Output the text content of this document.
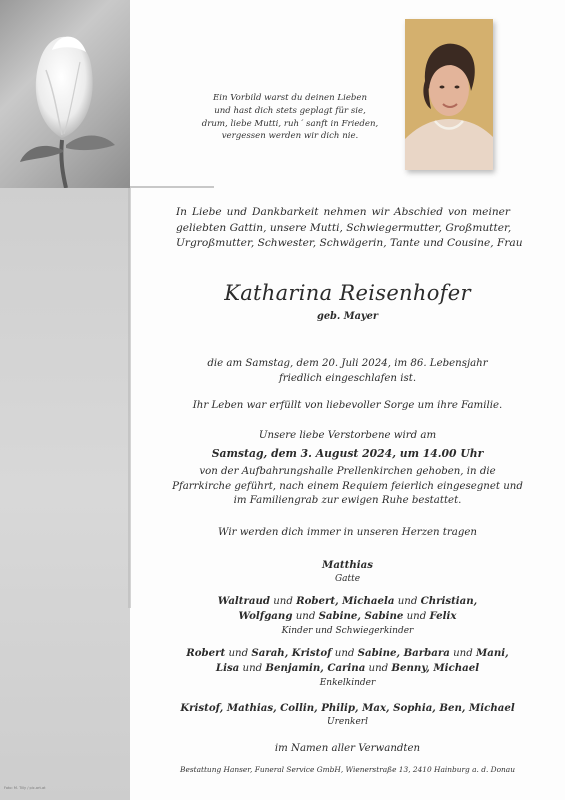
Foto: M. Tilly / pic-art.at
Ein Vorbild warst du deinen Lieben
und hast dich stets geplagt für sie,
drum, liebe Mutti, ruh´ sanft in Frieden,
vergessen werden wir dich nie.
In Liebe und Dankbarkeit nehmen wir Abschied von meiner
geliebten Gattin, unsere Mutti, Schwiegermutter, Großmutter,
Urgroßmutter, Schwester, Schwägerin, Tante und Cousine, Frau
Katharina Reisenhofer
geb. Mayer
die am Samstag, dem 20. Juli 2024, im 86. Lebensjahr
friedlich eingeschlafen ist.
Ihr Leben war erfüllt von liebevoller Sorge um ihre Familie.
Unsere liebe Verstorbene wird am
Samstag, dem 3. August 2024, um 14.00 Uhr
von der Aufbahrungshalle Prellenkirchen gehoben, in die
Pfarrkirche geführt, nach einem Requiem feierlich eingesegnet und
im Familiengrab zur ewigen Ruhe bestattet.
Wir werden dich immer in unseren Herzen tragen
Matthias
Gatte
Waltraud und Robert, Michaela und Christian,
Wolfgang und Sabine, Sabine und Felix
Kinder und Schwiegerkinder
Robert und Sarah, Kristof und Sabine, Barbara und Mani,
Lisa und Benjamin, Carina und Benny, Michael
Enkelkinder
Kristof, Mathias, Collin, Philip, Max, Sophia, Ben, Michael
Urenkerl
im Namen aller Verwandten
Bestattung Hanser, Funeral Service GmbH, Wienerstraße 13, 2410 Hainburg a. d. Donau
